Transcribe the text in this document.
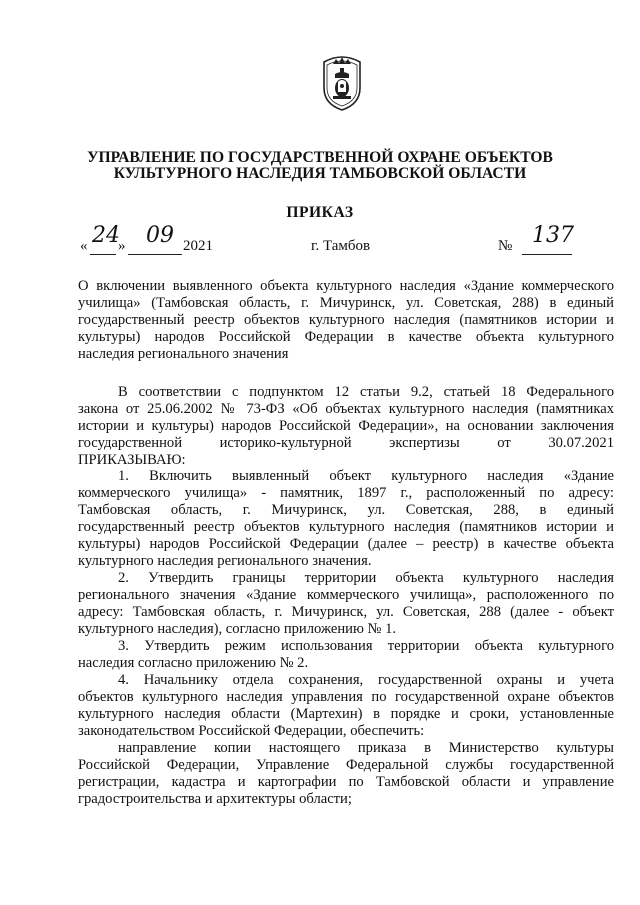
УПРАВЛЕНИЕ ПО ГОСУДАРСТВЕННОЙ ОХРАНЕ ОБЪЕКТОВ
КУЛЬТУРНОГО НАСЛЕДИЯ ТАМБОВСКОЙ ОБЛАСТИ
ПРИКАЗ
« 24
» 09 2021	г. Тамбов	№ 137
О включении выявленного объекта культурного наследия «Здание коммерческого
училища» (Тамбовская область, г. Мичуринск, ул. Советская, 288) в единый
государственный реестр объектов культурного наследия (памятников истории и
культуры) народов Российской Федерации в качестве объекта культурного
наследия регионального значения
В соответствии с подпунктом 12 статьи 9.2, статьей 18 Федерального
закона от 25.06.2002 № 73-ФЗ «Об объектах культурного наследия (памятниках
истории и культуры) народов Российской Федерации», на основании заключения
государственной историко-культурной экспертизы от 30.07.2021
ПРИКАЗЫВАЮ:
1. Включить выявленный объект культурного наследия «Здание
коммерческого училища» - памятник, 1897 г., расположенный по адресу:
Тамбовская область, г. Мичуринск, ул. Советская, 288, в единый
государственный реестр объектов культурного наследия (памятников истории и
культуры) народов Российской Федерации (далее – реестр) в качестве объекта
культурного наследия регионального значения.
2. Утвердить границы территории объекта культурного наследия
регионального значения «Здание коммерческого училища», расположенного по
адресу: Тамбовская область, г. Мичуринск, ул. Советская, 288 (далее - объект
культурного наследия), согласно приложению № 1.
3. Утвердить режим использования территории объекта культурного
наследия согласно приложению № 2.
4. Начальнику отдела сохранения, государственной охраны и учета
объектов культурного наследия управления по государственной охране объектов
культурного наследия области (Мартехин) в порядке и сроки, установленные
законодательством Российской Федерации, обеспечить:
направление копии настоящего приказа в Министерство культуры
Российской Федерации, Управление Федеральной службы государственной
регистрации, кадастра и картографии по Тамбовской области и управление
градостроительства и архитектуры области;
